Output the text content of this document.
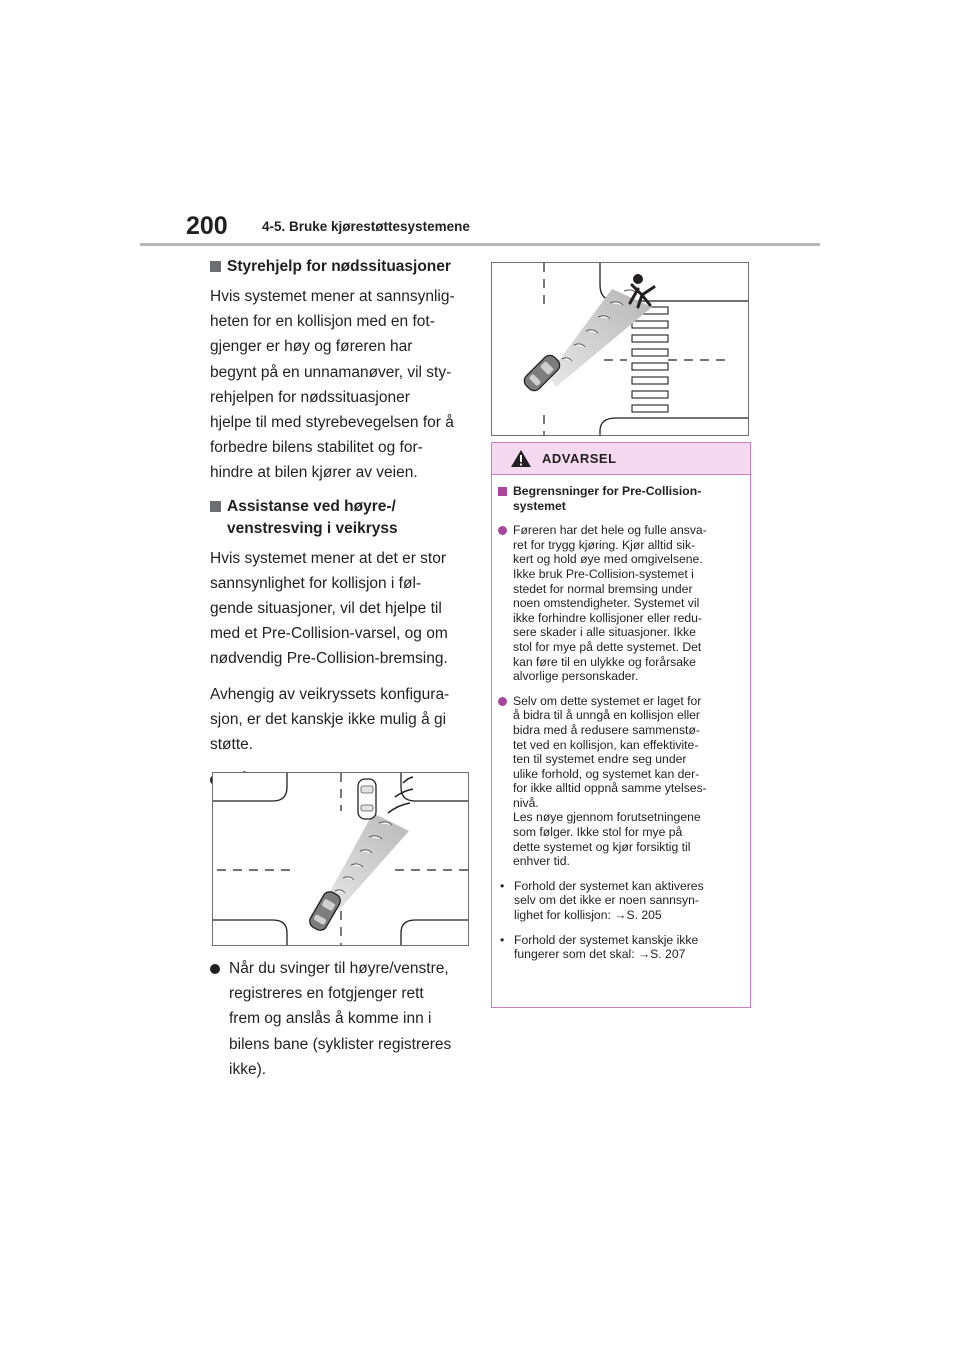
200	4-5. Bruke kjørestøttesystemene
Styrehjelp for nødssituasjoner
Hvis systemet mener at sannsynlig-
heten for en kollisjon med en fot-
gjenger er høy og føreren har
begynt på en unnamanøver, vil sty-
rehjelpen for nødssituasjoner
hjelpe til med styrebevegelsen for å
forbedre bilens stabilitet og for-
hindre at bilen kjører av veien.
Assistanse ved høyre-/
venstresving i veikryss
Hvis systemet mener at det er stor
sannsynlighet for kollisjon i føl-
gende situasjoner, vil det hjelpe til
med et Pre-Collision-varsel, og om
nødvendig Pre-Collision-bremsing.
Avhengig av veikryssets konfigura-
sjon, er det kanskje ikke mulig å gi
støtte.
Når du svinger til høyre/venstre,
registreres en fotgjenger rett
frem og anslås å komme inn i
bilens bane (syklister registreres
ikke).
ADVARSEL
Begrensninger for Pre-Collision-
systemet
Føreren har det hele og fulle ansva-
ret for trygg kjøring. Kjør alltid sik-
kert og hold øye med omgivelsene.
Ikke bruk Pre-Collision-systemet i
stedet for normal bremsing under
noen omstendigheter. Systemet vil
ikke forhindre kollisjoner eller redu-
sere skader i alle situasjoner. Ikke
stol for mye på dette systemet. Det
kan føre til en ulykke og forårsake
alvorlige personskader.
Selv om dette systemet er laget for
å bidra til å unngå en kollisjon eller
bidra med å redusere sammenstø-
tet ved en kollisjon, kan effektivite-
ten til systemet endre seg under
ulike forhold, og systemet kan der-
for ikke alltid oppnå samme ytelses-
nivå.
Les nøye gjennom forutsetningene
som følger. Ikke stol for mye på
dette systemet og kjør forsiktig til
enhver tid.
• Forhold der systemet kan aktiveres
selv om det ikke er noen sannsyn-
lighet for kollisjon: →S. 205
• Forhold der systemet kanskje ikke
fungerer som det skal: →S. 207
